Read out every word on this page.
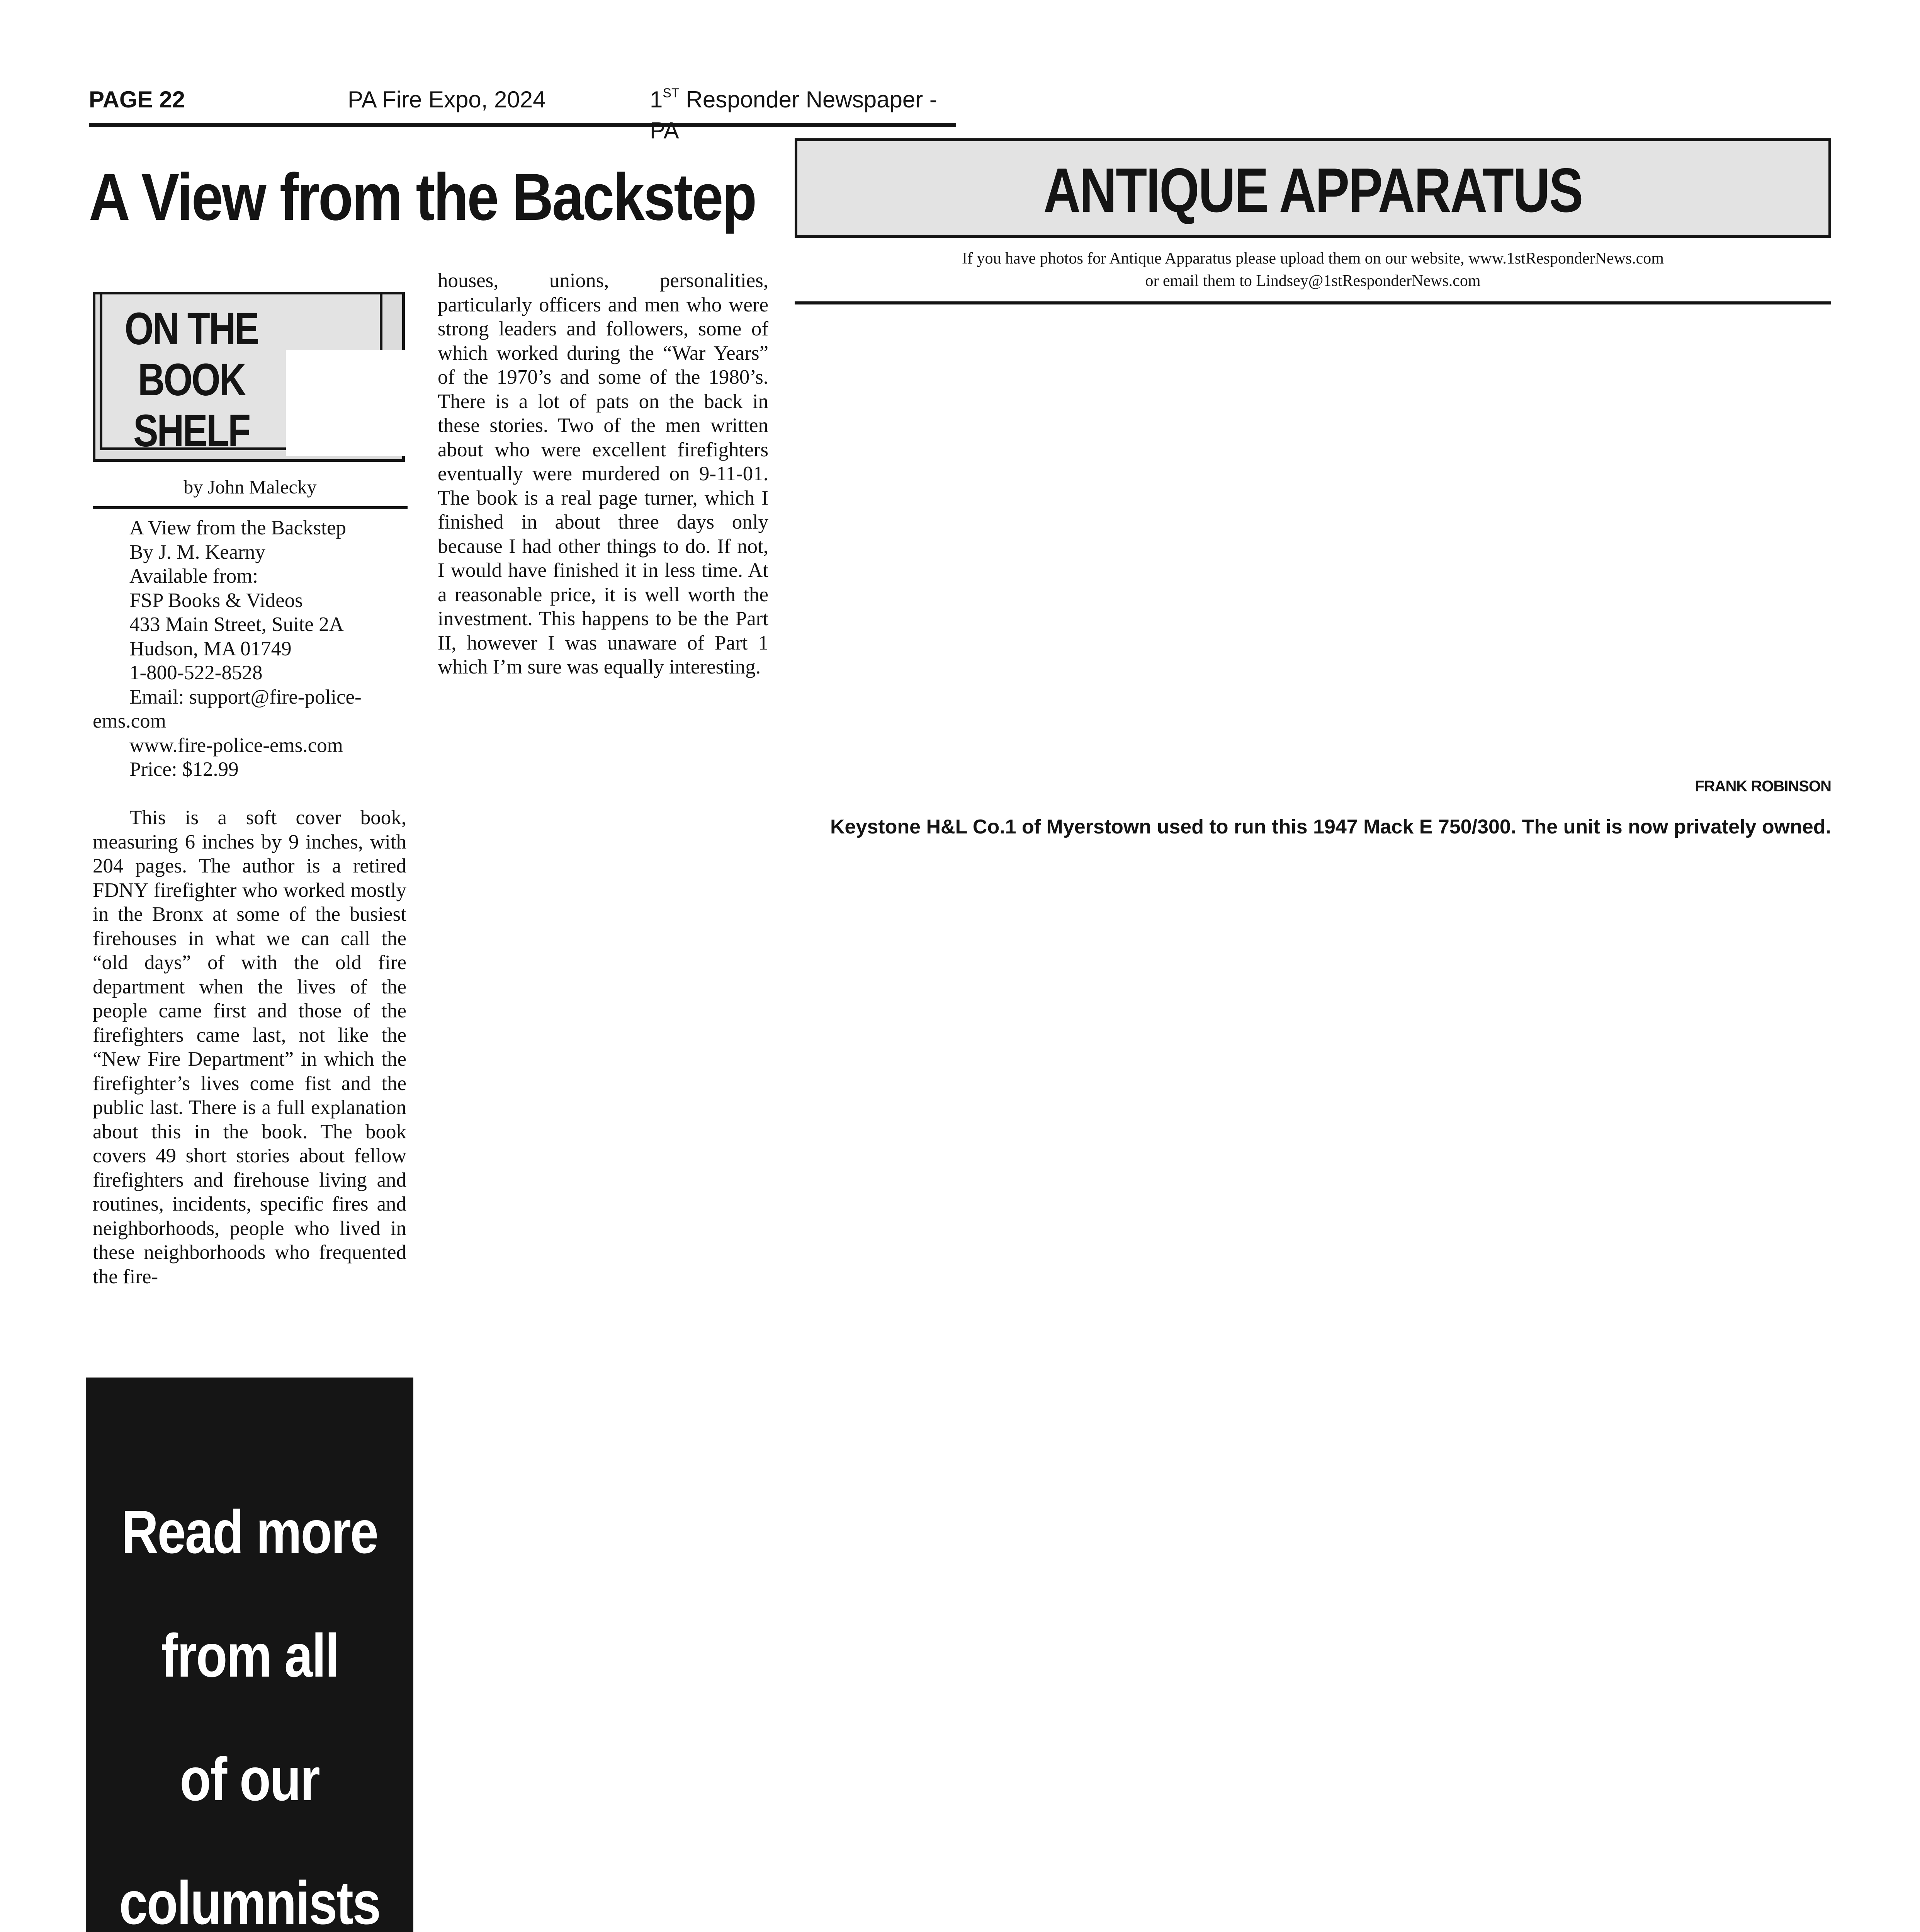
PAGE 22	PA Fire Expo, 2024	1ST Responder Newspaper - PA
A View from the Backstep
ON THE
BOOK
SHELF
by John Malecky

A View from the Backstep

By J. M. Kearny

Available from:

FSP Books & Videos

433 Main Street, Suite 2A

Hudson, MA 01749

1-800-522-8528

Email: support@fire-police-ems.com

www.fire-police-ems.com

Price: $12.99

This is a soft cover book, measuring 6 inches by 9 inches, with 204 pages. The author is a retired FDNY firefighter who worked mostly in the Bronx at some of the busiest firehouses in what we can call the “old days” of with the old fire department when the lives of the people came first and those of the firefighters came last, not like the “New Fire Department” in which the firefighter’s lives come fist and the public last. There is a full explanation about this in the book. The book covers 49 short stories about fellow firefighters and firehouse living and routines, incidents, specific fires and neighborhoods, people who lived in these neighborhoods who frequented the fire-

houses, unions, personalities, particularly officers and men who were strong leaders and followers, some of which worked during the “War Years” of the 1970’s and some of the 1980’s. There is a lot of pats on the back in these stories. Two of the men written about who were excellent firefighters eventually were murdered on 9-11-01. The book is a real page turner, which I finished in about three days only because I had other things to do. If not, I would have finished it in less time. At a reasonable price, it is well worth the investment. This happens to be the Part II, however I was unaware of Part 1 which I’m sure was equally interesting.

Read more
from all
of our
columnists
ANTIQUE APPARATUS
If you have photos for Antique Apparatus please upload them on our website, www.1stResponderNews.com
or email them to Lindsey@1stResponderNews.com
FRANK ROBINSON
Keystone H&L Co.1 of Myerstown used to run this 1947 Mack E 750/300. The unit is now privately owned.
